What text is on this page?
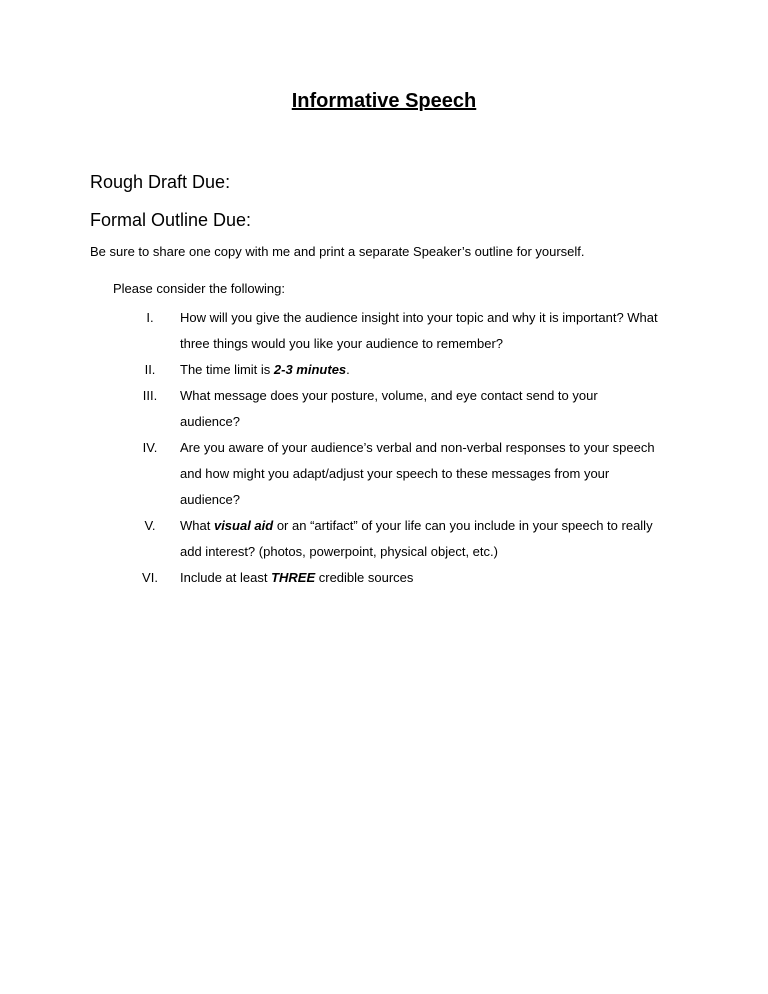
Informative Speech
Rough Draft Due:
Formal Outline Due:
Be sure to share one copy with me and print a separate Speaker’s outline for yourself.
Please consider the following:
I.	How will you give the audience insight into your topic and why it is important? What three things would you like your audience to remember?
II.	The time limit is 2-3 minutes.
III.	What message does your posture, volume, and eye contact send to your audience?
IV.	Are you aware of your audience’s verbal and non-verbal responses to your speech and how might you adapt/adjust your speech to these messages from your audience?
V.	What visual aid or an “artifact” of your life can you include in your speech to really add interest? (photos, powerpoint, physical object, etc.)
VI.	Include at least THREE credible sources
